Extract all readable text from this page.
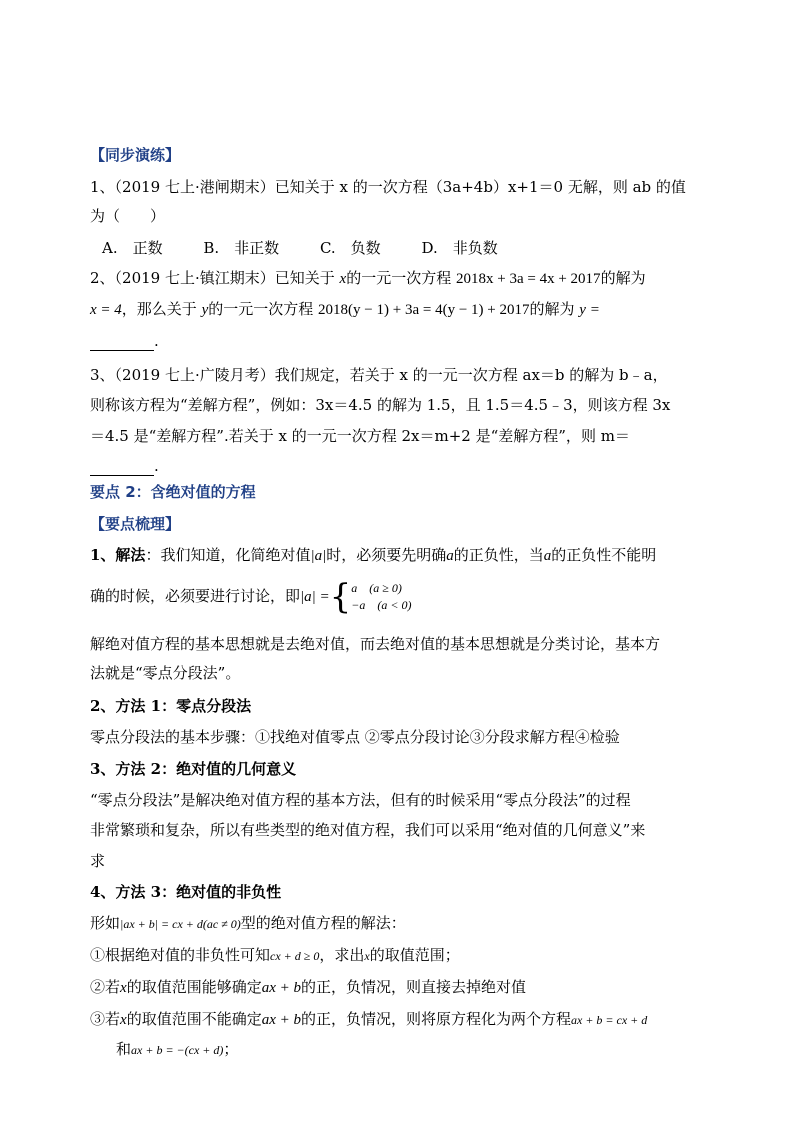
【同步演练】
1、（2019 七上·港闸期末）已知关于 x 的一次方程（3a+4b）x+1＝0 无解，则 ab 的值
为（　　）
A.　正数	B.　非正数	C.　负数	D.　非负数
2、（2019 七上·镇江期末）已知关于 x的一元一次方程 2018x + 3a = 4x + 2017的解为
x = 4，那么关于 y的一元一次方程 2018(y − 1) + 3a = 4(y − 1) + 2017的解为 y =
.
3、（2019 七上·广陵月考）我们规定，若关于 x 的一元一次方程 ax＝b 的解为 b﹣a，
则称该方程为“差解方程”，例如：3x＝4.5 的解为 1.5，且 1.5＝4.5﹣3，则该方程 3x
＝4.5 是“差解方程”.若关于 x 的一元一次方程 2x＝m+2 是“差解方程”，则 m＝
.
要点 2：含绝对值的方程
【要点梳理】
1、解法：我们知道，化简绝对值|a|时，必须要先明确a的正负性，当a的正负性不能明
确的时候，必须要进行讨论，即|a| ={a　(a ≥ 0)
−a　(a < 0)
解绝对值方程的基本思想就是去绝对值，而去绝对值的基本思想就是分类讨论，基本方
法就是“零点分段法”。
2、方法 1：零点分段法
零点分段法的基本步骤：①找绝对值零点 ②零点分段讨论③分段求解方程④检验
3、方法 2：绝对值的几何意义
“零点分段法”是解决绝对值方程的基本方法，但有的时候采用“零点分段法”的过程
非常繁琐和复杂，所以有些类型的绝对值方程，我们可以采用“绝对值的几何意义”来
求
4、方法 3：绝对值的非负性
形如|ax + b| = cx + d(ac ≠ 0)型的绝对值方程的解法：
①根据绝对值的非负性可知cx + d ≥ 0，求出x的取值范围；
②若x的取值范围能够确定ax + b的正，负情况，则直接去掉绝对值
③若x的取值范围不能确定ax + b的正，负情况，则将原方程化为两个方程ax + b = cx + d
和ax + b = −(cx + d)；
